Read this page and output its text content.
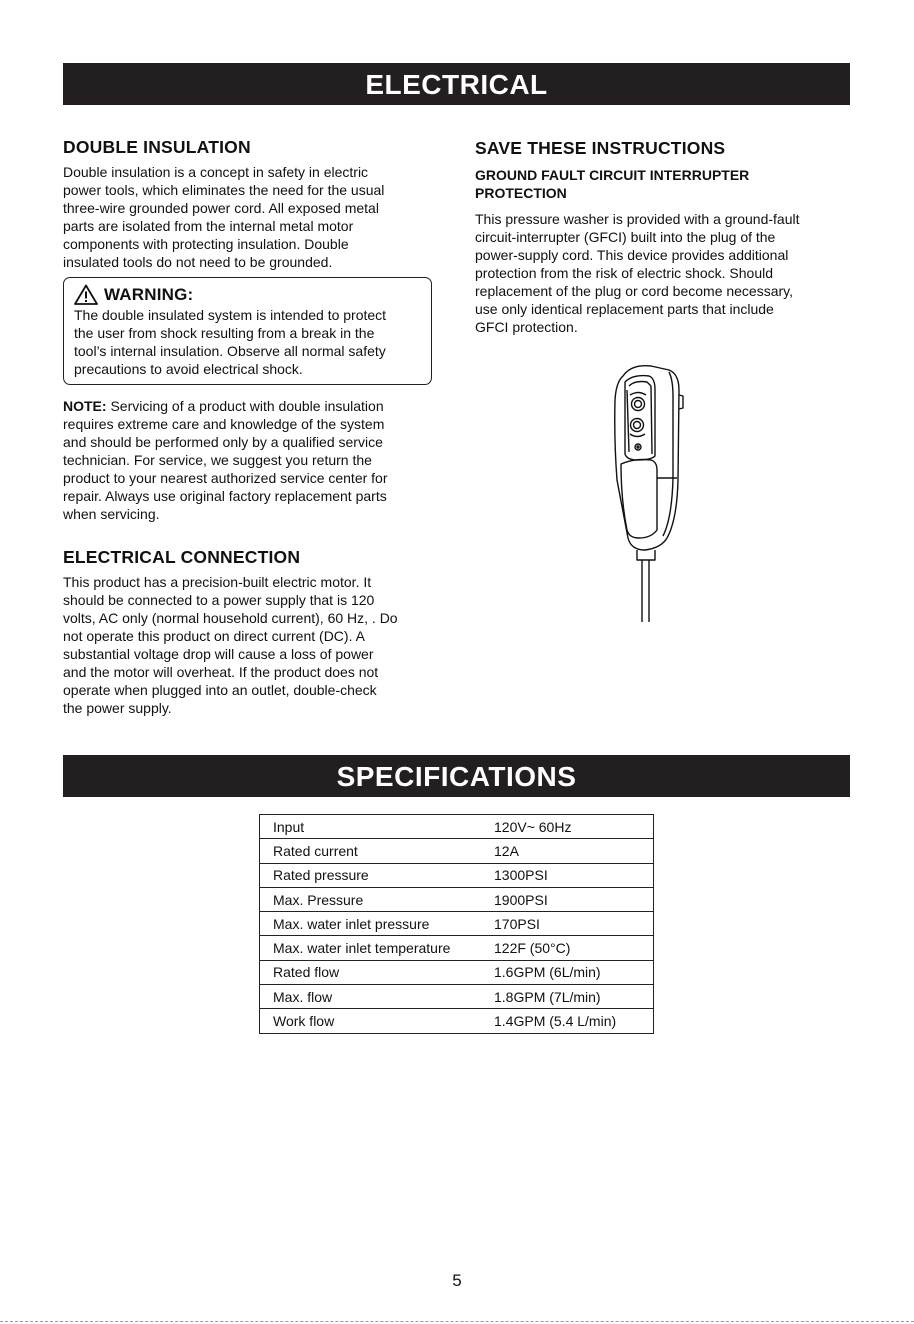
ELECTRICAL
DOUBLE INSULATION
Double insulation is a concept in safety in electric
power tools, which eliminates the need for the usual
three-wire grounded power cord. All exposed metal
parts are isolated from the internal metal motor
components with protecting insulation. Double
insulated tools do not need to be grounded.
WARNING:
The double insulated system is intended to protect
the user from shock resulting from a break in the
tool’s internal insulation. Observe all normal safety
precautions to avoid electrical shock.
NOTE: Servicing of a product with double insulation
requires extreme care and knowledge of the system
and should be performed only by a qualified service
technician. For service, we suggest you return the
product to your nearest authorized service center for
repair. Always use original factory replacement parts
when servicing.
ELECTRICAL CONNECTION
This product has a precision-built electric motor. It
should be connected to a power supply that is 120
volts, AC only (normal household current), 60 Hz, . Do
not operate this product on direct current (DC). A
substantial voltage drop will cause a loss of power
and the motor will overheat. If the product does not
operate when plugged into an outlet, double-check
the power supply.
SAVE THESE INSTRUCTIONS
GROUND FAULT CIRCUIT INTERRUPTER
PROTECTION
This pressure washer is provided with a ground-fault
circuit-interrupter (GFCI) built into the plug of the
power-supply cord. This device provides additional
protection from the risk of electric shock. Should
replacement of the plug or cord become necessary,
use only identical replacement parts that include
GFCI protection.
SPECIFICATIONS
Input	120V~ 60Hz
Rated current	12A
Rated pressure	1300PSI
Max. Pressure	1900PSI
Max. water inlet pressure	170PSI
Max. water inlet temperature	122F (50°C)
Rated flow	1.6GPM (6L/min)
Max. flow	1.8GPM (7L/min)
Work flow	1.4GPM (5.4 L/min)
5
